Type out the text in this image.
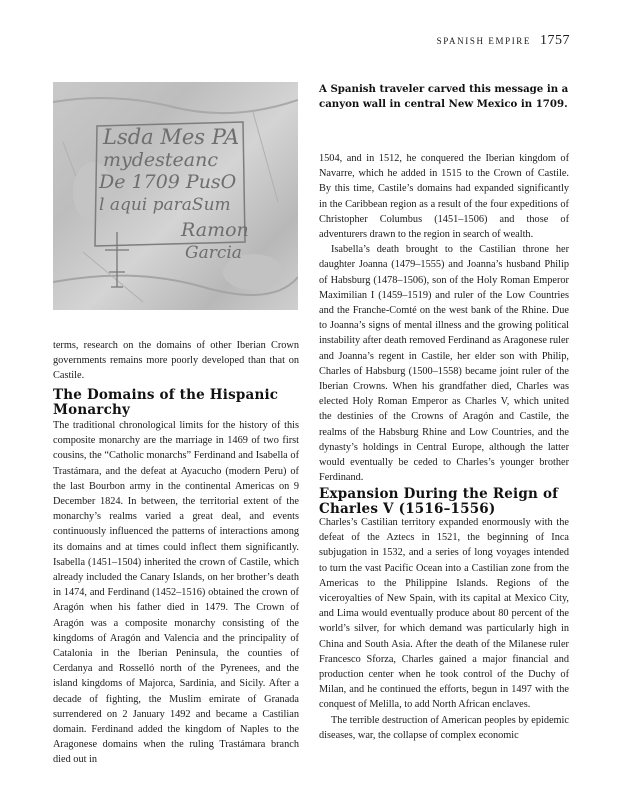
SPANISH EMPIRE 1757
Lsda Mes PA
mydesteanc
De 1709 PusO
l aqui paraSum
Ramon
Garcia
A Spanish traveler carved this message in a canyon wall in central New Mexico in 1709.

terms, research on the domains of other Iberian Crown governments remains more poorly developed than that on Castile.

The Domains of the Hispanic Monarchy

The traditional chronological limits for the history of this composite monarchy are the marriage in 1469 of two first cousins, the “Catholic monarchs” Ferdinand and Isabella of Trastámara, and the defeat at Ayacucho (modern Peru) of the last Bourbon army in the continental Americas on 9 December 1824. In between, the territorial extent of the monarchy’s realms varied a great deal, and events continuously influenced the patterns of interactions among its domains and at times could inflect them significantly. Isabella (1451–1504) inherited the crown of Castile, which already included the Canary Islands, on her brother’s death in 1474, and Ferdinand (1452–1516) obtained the crown of Aragón when his father died in 1479. The Crown of Aragón was a composite monarchy consisting of the kingdoms of Aragón and Valencia and the principality of Catalonia in the Iberian Peninsula, the counties of Cerdanya and Rosselló north of the Pyrenees, and the island kingdoms of Majorca, Sardinia, and Sicily. After a decade of fighting, the Muslim emirate of Granada surrendered on 2 January 1492 and became a Castilian domain. Ferdinand added the kingdom of Naples to the Aragonese domains when the ruling Trastámara branch died out in

1504, and in 1512, he conquered the Iberian kingdom of Navarre, which he added in 1515 to the Crown of Castile. By this time, Castile’s domains had expanded significantly in the Caribbean region as a result of the four expeditions of Christopher Columbus (1451–1506) and those of adventurers drawn to the region in search of wealth.

Isabella’s death brought to the Castilian throne her daughter Joanna (1479–1555) and Joanna’s husband Philip of Habsburg (1478–1506), son of the Holy Roman Emperor Maximilian I (1459–1519) and ruler of the Low Countries and the Franche-Comté on the west bank of the Rhine. Due to Joanna’s signs of mental illness and the growing political instability after death removed Ferdinand as Aragonese ruler and Joanna’s regent in Castile, her elder son with Philip, Charles of Habsburg (1500–1558) became joint ruler of the Iberian Crowns. When his grandfather died, Charles was elected Holy Roman Emperor as Charles V, which united the destinies of the Crowns of Aragón and Castile, the realms of the Habsburg Rhine and Low Countries, and the dynasty’s holdings in Central Europe, although the latter would eventually be ceded to Charles’s younger brother Ferdinand.

Expansion During the Reign of Charles V (1516–1556)

Charles’s Castilian territory expanded enormously with the defeat of the Aztecs in 1521, the beginning of Inca subjugation in 1532, and a series of long voyages intended to turn the vast Pacific Ocean into a Castilian zone from the Americas to the Philippine Islands. Regions of the viceroyalties of New Spain, with its capital at Mexico City, and Lima would eventually produce about 80 percent of the world’s silver, for which demand was particularly high in China and South Asia. After the death of the Milanese ruler Francesco Sforza, Charles gained a major financial and production center when he took control of the Duchy of Milan, and he continued the efforts, begun in 1497 with the conquest of Melilla, to add North African enclaves.

The terrible destruction of American peoples by epidemic diseases, war, the collapse of complex economic
